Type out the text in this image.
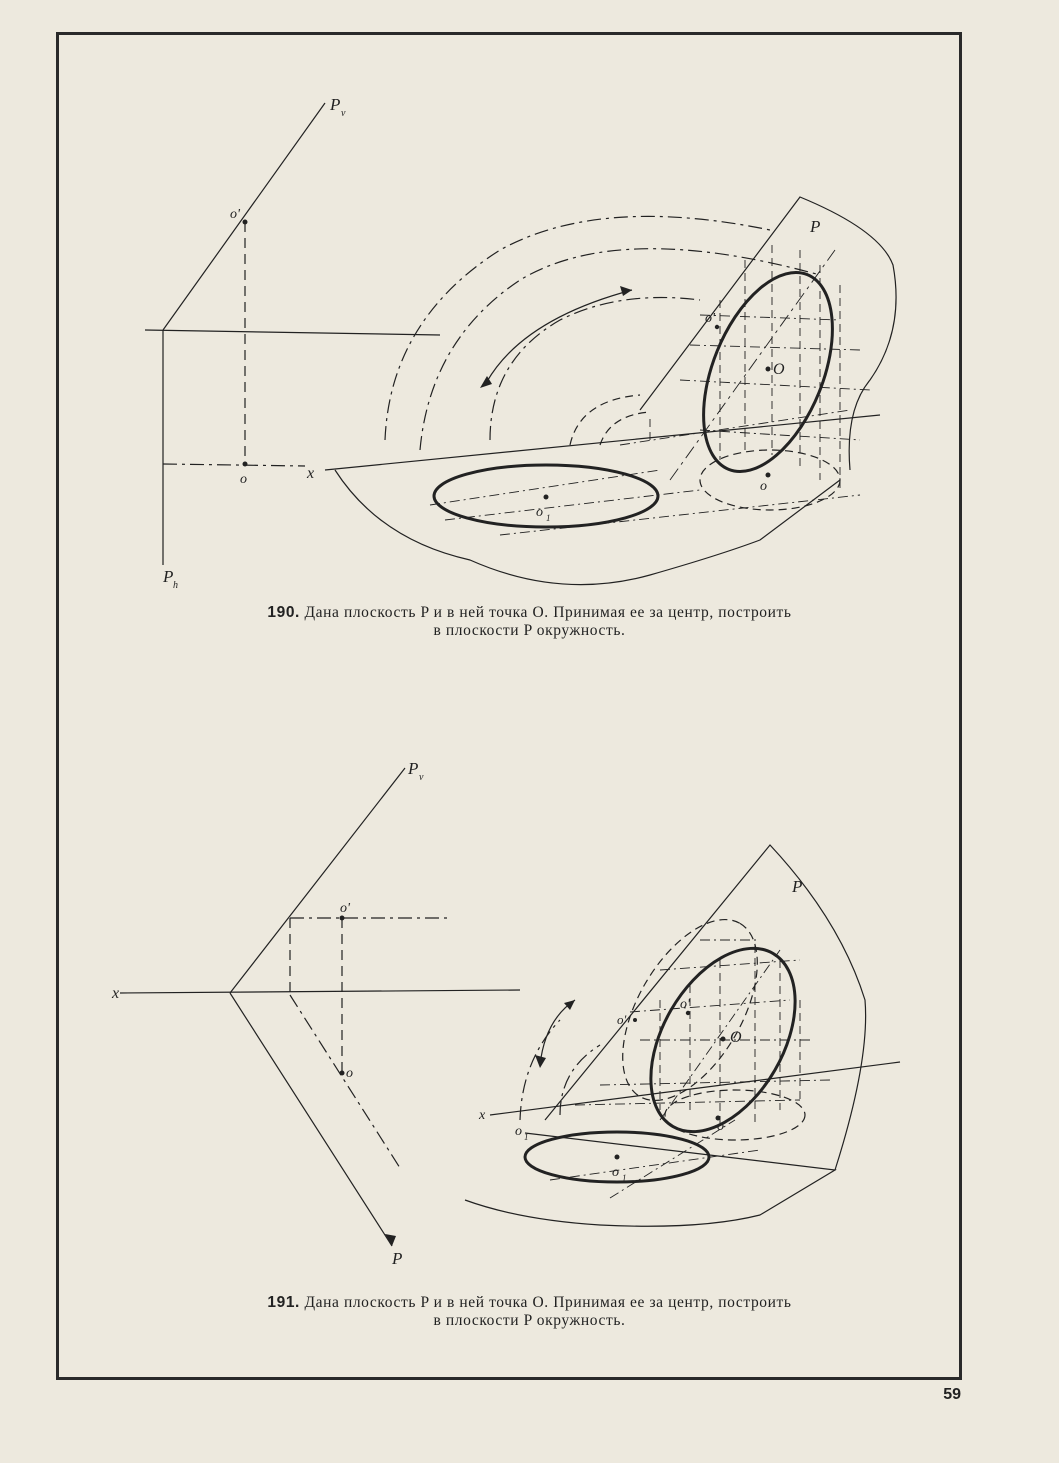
P v
o'
o	x
P h
P
o'
O
o
o 1
190. Дана плоскость P и в ней точка O. Принимая ее за центр, построить
в плоскости P окружность.
P v
o'
x
o
P
P
o'
O
x
o
o 1
o'
o 1
191. Дана плоскость P и в ней точка O. Принимая ее за центр, построить
в плоскости P окружность.
59
